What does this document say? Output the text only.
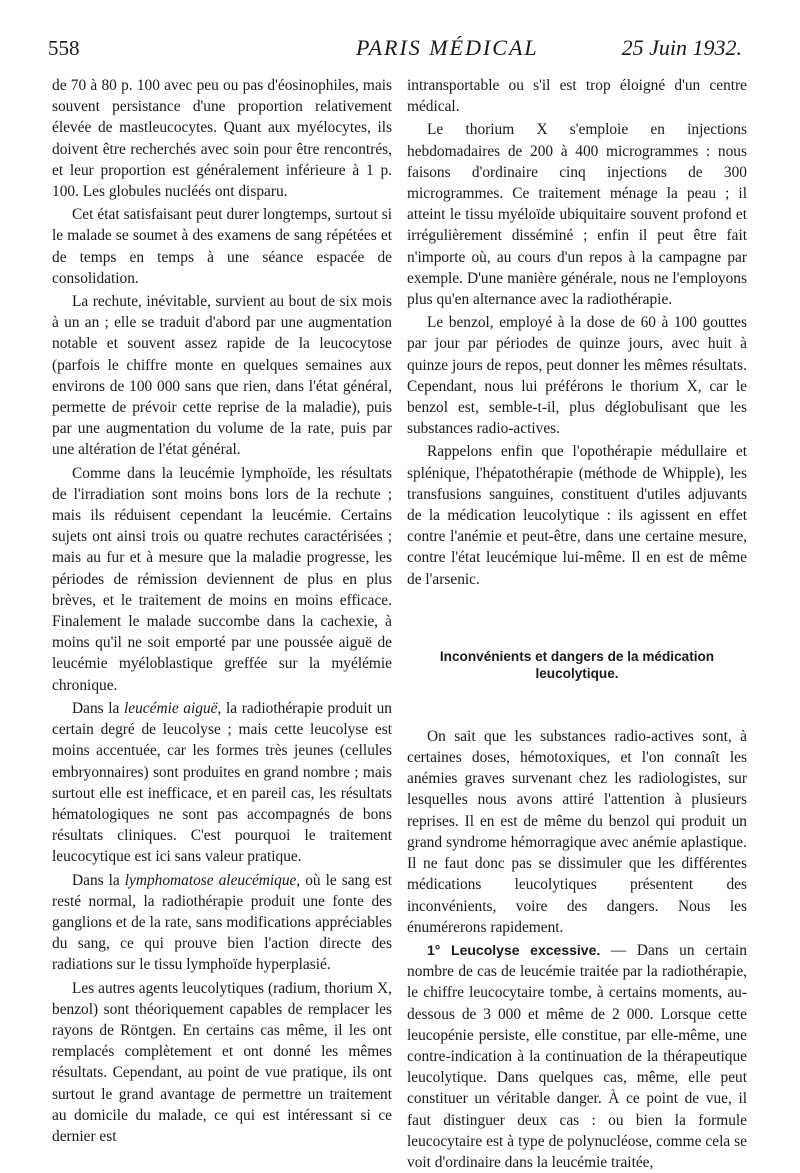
558	PARIS MÉDICAL	25 Juin 1932.

de 70 à 80 p. 100 avec peu ou pas d'éosinophiles, mais souvent persistance d'une proportion relativement élevée de mastleucocytes. Quant aux myélocytes, ils doivent être recherchés avec soin pour être rencontrés, et leur proportion est généralement inférieure à 1 p. 100. Les globules nucléés ont disparu.

Cet état satisfaisant peut durer longtemps, surtout si le malade se soumet à des examens de sang répétées et de temps en temps à une séance espacée de consolidation.

La rechute, inévitable, survient au bout de six mois à un an ; elle se traduit d'abord par une augmentation notable et souvent assez rapide de la leucocytose (parfois le chiffre monte en quelques semaines aux environs de 100 000 sans que rien, dans l'état général, permette de prévoir cette reprise de la maladie), puis par une augmentation du volume de la rate, puis par une altération de l'état général.

Comme dans la leucémie lymphoïde, les résultats de l'irradiation sont moins bons lors de la rechute ; mais ils réduisent cependant la leucémie. Certains sujets ont ainsi trois ou quatre rechutes caractérisées ; mais au fur et à mesure que la maladie progresse, les périodes de rémission deviennent de plus en plus brèves, et le traitement de moins en moins efficace. Finalement le malade succombe dans la cachexie, à moins qu'il ne soit emporté par une poussée aiguë de leucémie myéloblastique greffée sur la myélémie chronique.

Dans la leucémie aiguë, la radiothérapie produit un certain degré de leucolyse ; mais cette leucolyse est moins accentuée, car les formes très jeunes (cellules embryonnaires) sont produites en grand nombre ; mais surtout elle est inefficace, et en pareil cas, les résultats hématologiques ne sont pas accompagnés de bons résultats cliniques. C'est pourquoi le traitement leucocytique est ici sans valeur pratique.

Dans la lymphomatose aleucémique, où le sang est resté normal, la radiothérapie produit une fonte des ganglions et de la rate, sans modifications appréciables du sang, ce qui prouve bien l'action directe des radiations sur le tissu lymphoïde hyperplasié.

Les autres agents leucolytiques (radium, thorium X, benzol) sont théoriquement capables de remplacer les rayons de Röntgen. En certains cas même, il les ont remplacés complètement et ont donné les mêmes résultats. Cependant, au point de vue pratique, ils ont surtout le grand avantage de permettre un traitement au domicile du malade, ce qui est intéressant si ce dernier est

intransportable ou s'il est trop éloigné d'un centre médical.

Le thorium X s'emploie en injections hebdomadaires de 200 à 400 microgrammes : nous faisons d'ordinaire cinq injections de 300 microgrammes. Ce traitement ménage la peau ; il atteint le tissu myéloïde ubiquitaire souvent profond et irrégulièrement disséminé ; enfin il peut être fait n'importe où, au cours d'un repos à la campagne par exemple. D'une manière générale, nous ne l'employons plus qu'en alternance avec la radiothérapie.

Le benzol, employé à la dose de 60 à 100 gouttes par jour par périodes de quinze jours, avec huit à quinze jours de repos, peut donner les mêmes résultats. Cependant, nous lui préférons le thorium X, car le benzol est, semble-t-il, plus déglobulisant que les substances radio-actives.

Rappelons enfin que l'opothérapie médullaire et splénique, l'hépatothérapie (méthode de Whipple), les transfusions sanguines, constituent d'utiles adjuvants de la médication leucolytique : ils agissent en effet contre l'anémie et peut-être, dans une certaine mesure, contre l'état leucémique lui-même. Il en est de même de l'arsenic.

Inconvénients et dangers de la médication leucolytique.

On sait que les substances radio-actives sont, à certaines doses, hémotoxiques, et l'on connaît les anémies graves survenant chez les radiologistes, sur lesquelles nous avons attiré l'attention à plusieurs reprises. Il en est de même du benzol qui produit un grand syndrome hémorragique avec anémie aplastique. Il ne faut donc pas se dissimuler que les différentes médications leucolytiques présentent des inconvénients, voire des dangers. Nous les énumérerons rapidement.

1° Leucolyse excessive. — Dans un certain nombre de cas de leucémie traitée par la radiothérapie, le chiffre leucocytaire tombe, à certains moments, au-dessous de 3 000 et même de 2 000. Lorsque cette leucopénie persiste, elle constitue, par elle-même, une contre-indication à la continuation de la thérapeutique leucolytique. Dans quelques cas, même, elle peut constituer un véritable danger. À ce point de vue, il faut distinguer deux cas : ou bien la formule leucocytaire est à type de polynucléose, comme cela se voit d'ordinaire dans la leucémie traitée,
